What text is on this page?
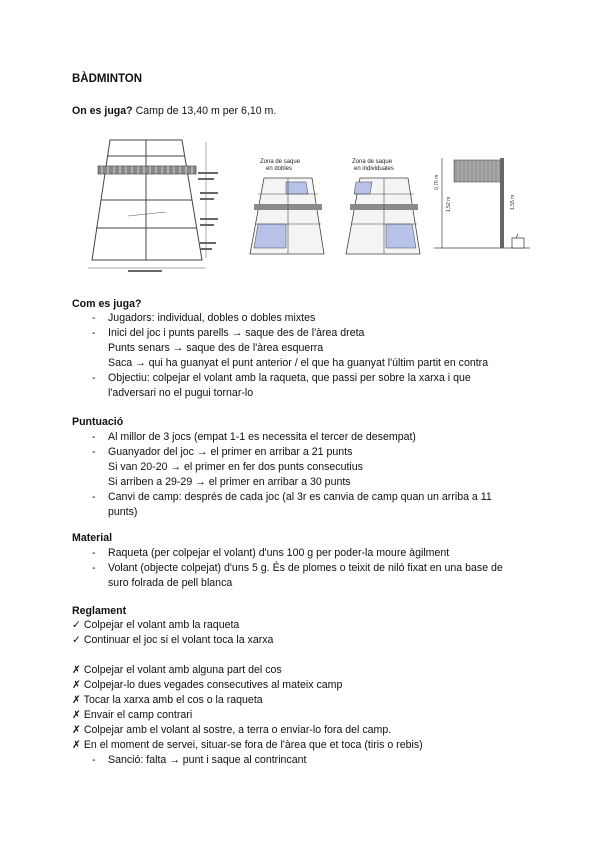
BÀDMINTON
On es juga? Camp de 13,40 m per 6,10 m.
Zona de saque
en dobles
Zona de saque
en individuales
0,76 m
1,52 m	1,55 m
Com es juga?
- Jugadors: individual, dobles o dobles mixtes
- Inici del joc i punts parells → saque des de l'àrea dreta
Punts senars → saque des de l'àrea esquerra
Saca → qui ha guanyat el punt anterior / el que ha guanyat l'últim partit en contra
- Objectiu: colpejar el volant amb la raqueta, que passi per sobre la xarxa i que
l'adversari no el pugui tornar-lo
Puntuació
- Al millor de 3 jocs (empat 1-1 es necessita el tercer de desempat)
- Guanyador del joc → el primer en arribar a 21 punts
Si van 20-20 → el primer en fer dos punts consecutius
Si arriben a 29-29 → el primer en arribar a 30 punts
- Canvi de camp: després de cada joc (al 3r es canvia de camp quan un arriba a 11
punts)
Material
- Raqueta (per colpejar el volant) d'uns 100 g per poder-la moure àgilment
- Volant (objecte colpejat) d'uns 5 g. És de plomes o teixit de niló fixat en una base de
suro folrada de pell blanca
Reglament
✓ Colpejar el volant amb la raqueta
✓ Continuar el joc si el volant toca la xarxa
✗ Colpejar el volant amb alguna part del cos
✗ Colpejar-lo dues vegades consecutives al mateix camp
✗ Tocar la xarxa amb el cos o la raqueta
✗ Envair el camp contrari
✗ Colpejar amb el volant al sostre, a terra o enviar-lo fora del camp.
✗ En el moment de servei, situar-se fora de l'àrea que et toca (tiris o rebis)
- Sanció: falta → punt i saque al contrincant
